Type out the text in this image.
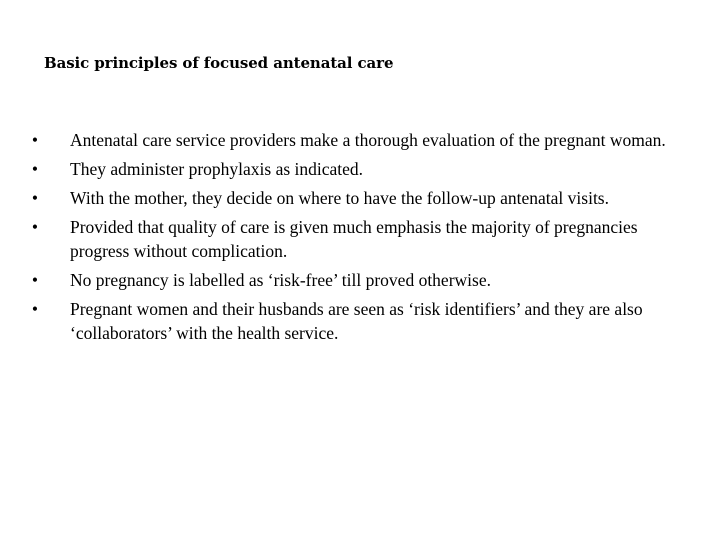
Basic principles of focused antenatal care
• Antenatal care service providers make a thorough evaluation of the pregnant woman.
• They administer prophylaxis as indicated.
• With the mother, they decide on where to have the follow-up antenatal visits.
• Provided that quality of care is given much emphasis the majority of pregnancies progress without complication.
• No pregnancy is labelled as ‘risk-free’ till proved otherwise.
• Pregnant women and their husbands are seen as ‘risk identifiers’ and they are also ‘collaborators’ with the health service.
